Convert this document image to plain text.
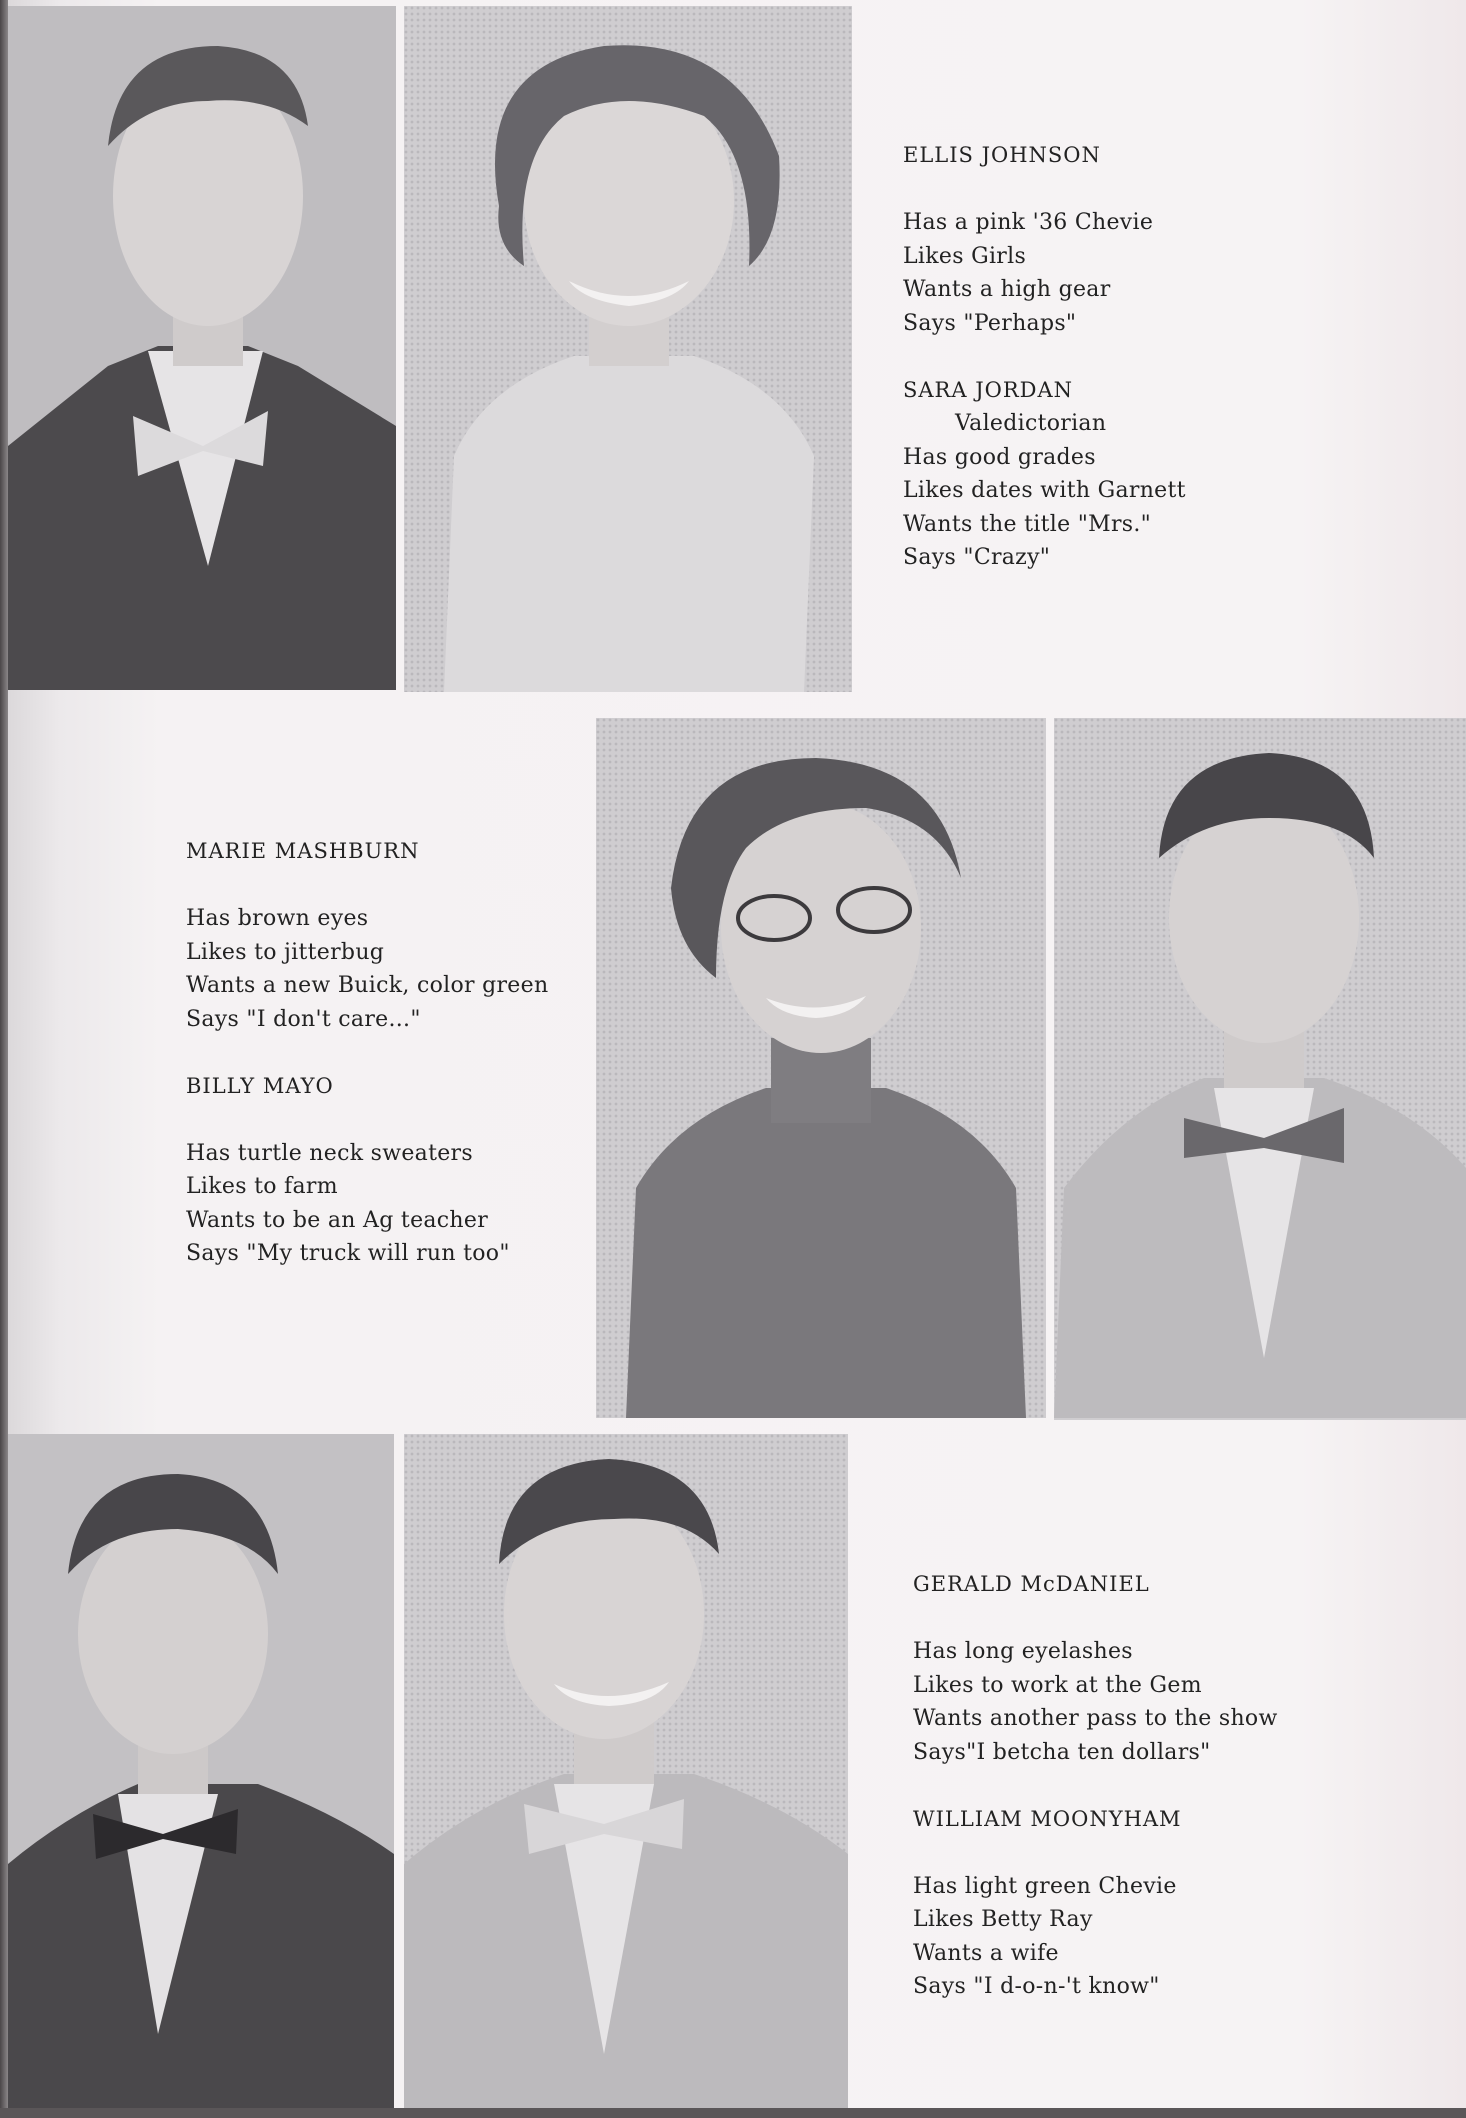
ELLIS JOHNSON
Has a pink '36 Chevie
Likes Girls
Wants a high gear
Says "Perhaps"
SARA JORDAN
Valedictorian
Has good grades
Likes dates with Garnett
Wants the title "Mrs."
Says "Crazy"
MARIE MASHBURN
Has brown eyes
Likes to jitterbug
Wants a new Buick, color green
Says "I don't care..."
BILLY MAYO
Has turtle neck sweaters
Likes to farm
Wants to be an Ag teacher
Says "My truck will run too"
GERALD McDANIEL
Has long eyelashes
Likes to work at the Gem
Wants another pass to the show
Says"I betcha ten dollars"
WILLIAM MOONYHAM
Has light green Chevie
Likes Betty Ray
Wants a wife
Says "I d-o-n-'t know"
